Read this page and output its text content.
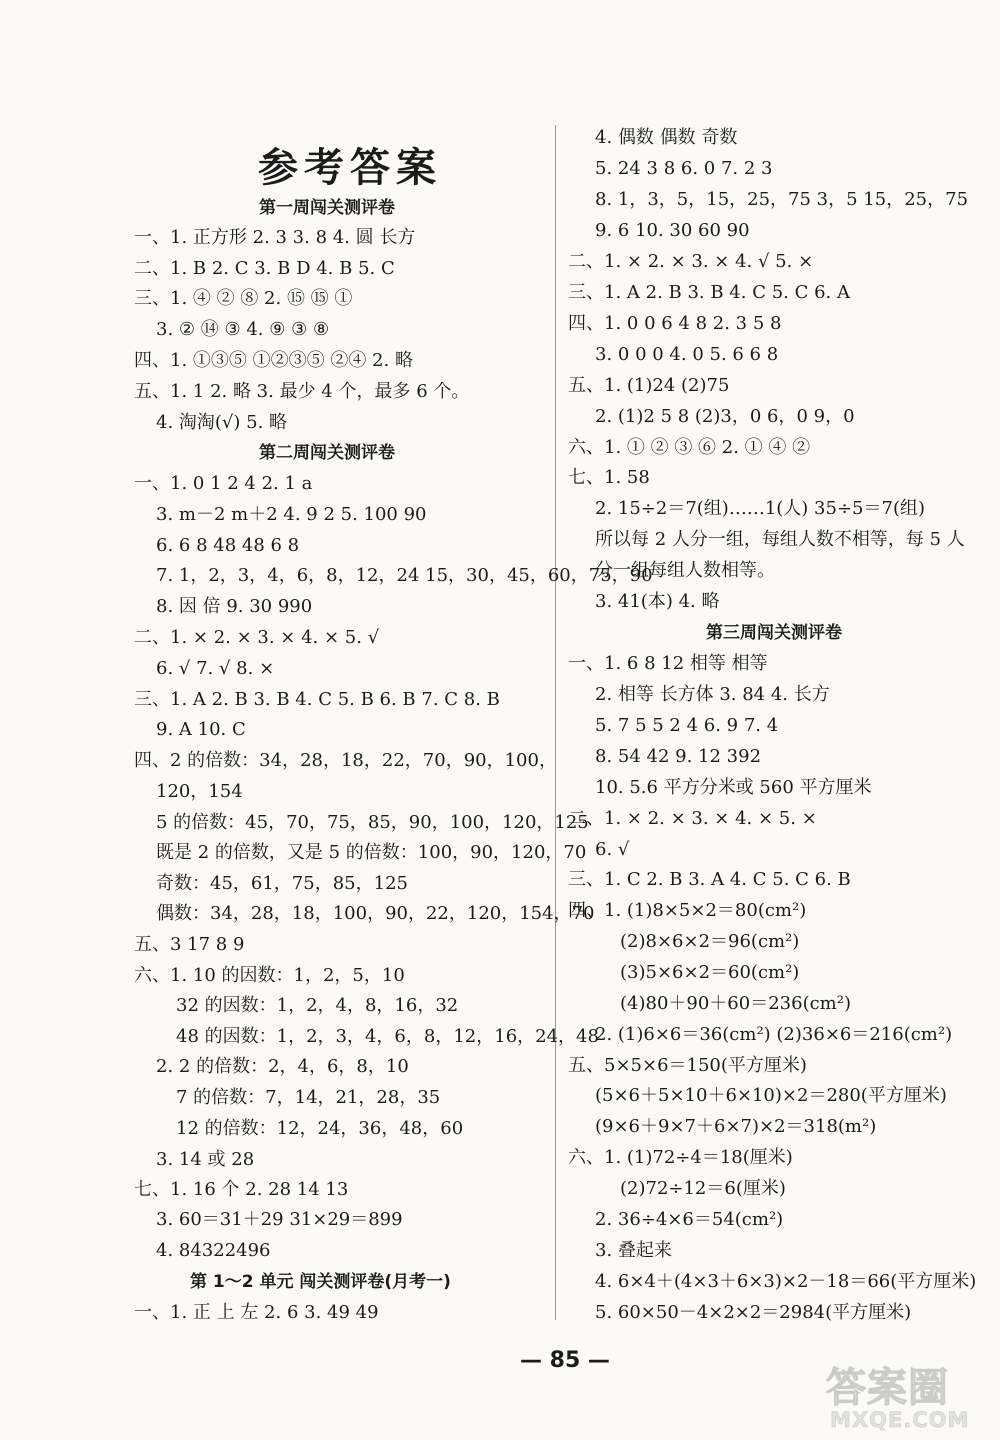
参考答案
第一周闯关测评卷
一、1. 正方形 2. 3 3. 8 4. 圆 长方
二、1. B 2. C 3. B D 4. B 5. C
三、1. ④ ② ⑧ 2. ⑮ ⑮ ①
3. ② ⑭ ③ 4. ⑨ ③ ⑧
四、1. ①③⑤ ①②③⑤ ②④ 2. 略
五、1. 1 2. 略 3. 最少 4 个，最多 6 个。
4. 淘淘(√) 5. 略
第二周闯关测评卷
一、1. 0 1 2 4 2. 1 a
3. m－2 m＋2 4. 9 2 5. 100 90
6. 6 8 48 48 6 8
7. 1，2，3，4，6，8，12，24 15，30，45，60，75，90
8. 因 倍 9. 30 990
二、1. × 2. × 3. × 4. × 5. √
6. √ 7. √ 8. ×
三、1. A 2. B 3. B 4. C 5. B 6. B 7. C 8. B
9. A 10. C
四、2 的倍数：34，28，18，22，70，90，100，
120，154
5 的倍数：45，70，75，85，90，100，120，125
既是 2 的倍数，又是 5 的倍数：100，90，120，70
奇数：45，61，75，85，125
偶数：34，28，18，100，90，22，120，154，70
五、3 17 8 9
六、1. 10 的因数：1，2，5，10
32 的因数：1，2，4，8，16，32
48 的因数：1，2，3，4，6，8，12，16，24，48
2. 2 的倍数：2，4，6，8，10
7 的倍数：7，14，21，28，35
12 的倍数：12，24，36，48，60
3. 14 或 28
七、1. 16 个 2. 28 14 13
3. 60＝31＋29 31×29＝899
4. 84322496
第 1～2 单元 闯关测评卷(月考一)
一、1. 正 上 左 2. 6 3. 49 49
4. 偶数 偶数 奇数
5. 24 3 8 6. 0 7. 2 3
8. 1，3，5，15，25，75 3，5 15，25，75
9. 6 10. 30 60 90
二、1. × 2. × 3. × 4. √ 5. ×
三、1. A 2. B 3. B 4. C 5. C 6. A
四、1. 0 0 6 4 8 2. 3 5 8
3. 0 0 0 4. 0 5. 6 6 8
五、1. (1)24 (2)75
2. (1)2 5 8 (2)3，0 6，0 9，0
六、1. ① ② ③ ⑥ 2. ① ④ ②
七、1. 58
2. 15÷2＝7(组)……1(人) 35÷5＝7(组)
所以每 2 人分一组，每组人数不相等，每 5 人
分一组每组人数相等。
3. 41(本) 4. 略
第三周闯关测评卷
一、1. 6 8 12 相等 相等
2. 相等 长方体 3. 84 4. 长方
5. 7 5 5 2 4 6. 9 7. 4
8. 54 42 9. 12 392
10. 5.6 平方分米或 560 平方厘米
二、1. × 2. × 3. × 4. × 5. ×
6. √
三、1. C 2. B 3. A 4. C 5. C 6. B
四、1. (1)8×5×2＝80(cm²)
(2)8×6×2＝96(cm²)
(3)5×6×2＝60(cm²)
(4)80＋90＋60＝236(cm²)
2. (1)6×6＝36(cm²) (2)36×6＝216(cm²)
五、5×5×6＝150(平方厘米)
(5×6＋5×10＋6×10)×2＝280(平方厘米)
(9×6＋9×7＋6×7)×2＝318(m²)
六、1. (1)72÷4＝18(厘米)
(2)72÷12＝6(厘米)
2. 36÷4×6＝54(cm²)
3. 叠起来
4. 6×4＋(4×3＋6×3)×2－18＝66(平方厘米)
5. 60×50－4×2×2＝2984(平方厘米)
— 85 —
答案圈
MXQE.COM
